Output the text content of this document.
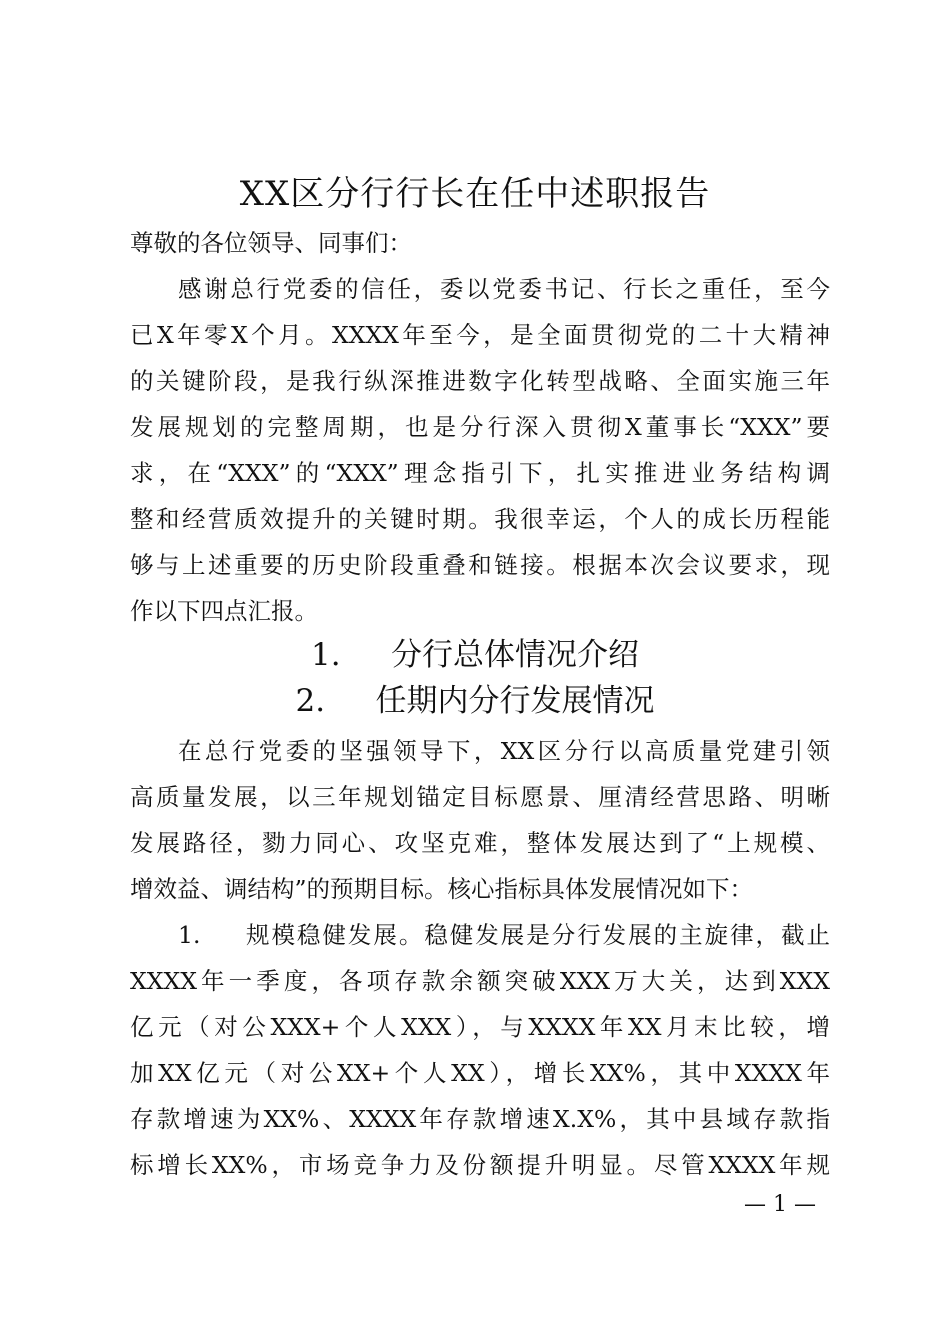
XX区分行行长在任中述职报告
尊敬的各位领导、同事们：
感谢总行党委的信任，委以党委书记、行长之重任，至今
已X年零X个月。XXXX年至今，是全面贯彻党的二十大精神
的关键阶段，是我行纵深推进数字化转型战略、全面实施三年
发展规划的完整周期，也是分行深入贯彻X董事长“XXX”要
求，在“XXX”的“XXX”理念指引下，扎实推进业务结构调
整和经营质效提升的关键时期。我很幸运，个人的成长历程能
够与上述重要的历史阶段重叠和链接。根据本次会议要求，现
作以下四点汇报。
1. 分行总体情况介绍
2. 任期内分行发展情况
在总行党委的坚强领导下，XX区分行以高质量党建引领
高质量发展，以三年规划锚定目标愿景、厘清经营思路、明晰
发展路径，勠力同心、攻坚克难，整体发展达到了“上规模、
增效益、调结构”的预期目标。核心指标具体发展情况如下：
1. 规模稳健发展。稳健发展是分行发展的主旋律，截止
XXXX年一季度，各项存款余额突破XXX万大关，达到XXX
亿元（对公XXX+个人XXX），与XXXX年XX月末比较，增
加XX亿元（对公XX+个人XX），增长XX%，其中XXXX年
存款增速为XX%、XXXX年存款增速X.X%，其中县域存款指
标增长XX%，市场竞争力及份额提升明显。尽管XXXX年规
— 1 —
